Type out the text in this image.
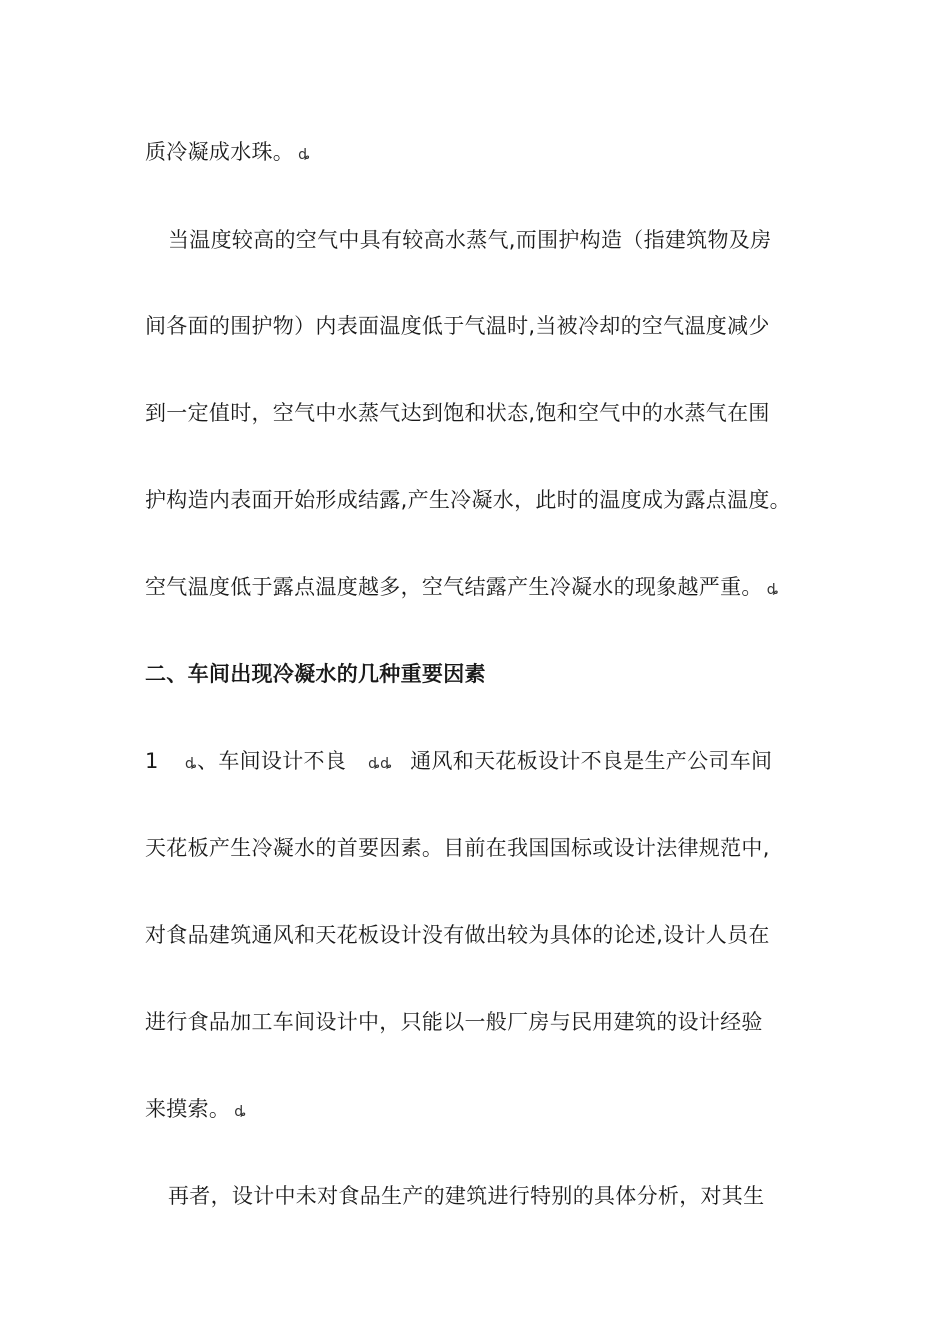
质冷凝成水珠。 ȡ
当温度较高的空气中具有较高水蒸气,而围护构造（指建筑物及房
间各面的围护物）内表面温度低于气温时,当被冷却的空气温度减少
到一定值时，空气中水蒸气达到饱和状态,饱和空气中的水蒸气在围
护构造内表面开始形成结露,产生冷凝水，此时的温度成为露点温度。
空气温度低于露点温度越多，空气结露产生冷凝水的现象越严重。 ȡ
二、车间出现冷凝水的几种重要因素
1 ȡ、车间设计不良 ȡȡ 通风和天花板设计不良是生产公司车间
天花板产生冷凝水的首要因素。目前在我国国标或设计法律规范中,
对食品建筑通风和天花板设计没有做出较为具体的论述,设计人员在
进行食品加工车间设计中，只能以一般厂房与民用建筑的设计经验
来摸索。 ȡ
再者，设计中未对食品生产的建筑进行特别的具体分析，对其生
